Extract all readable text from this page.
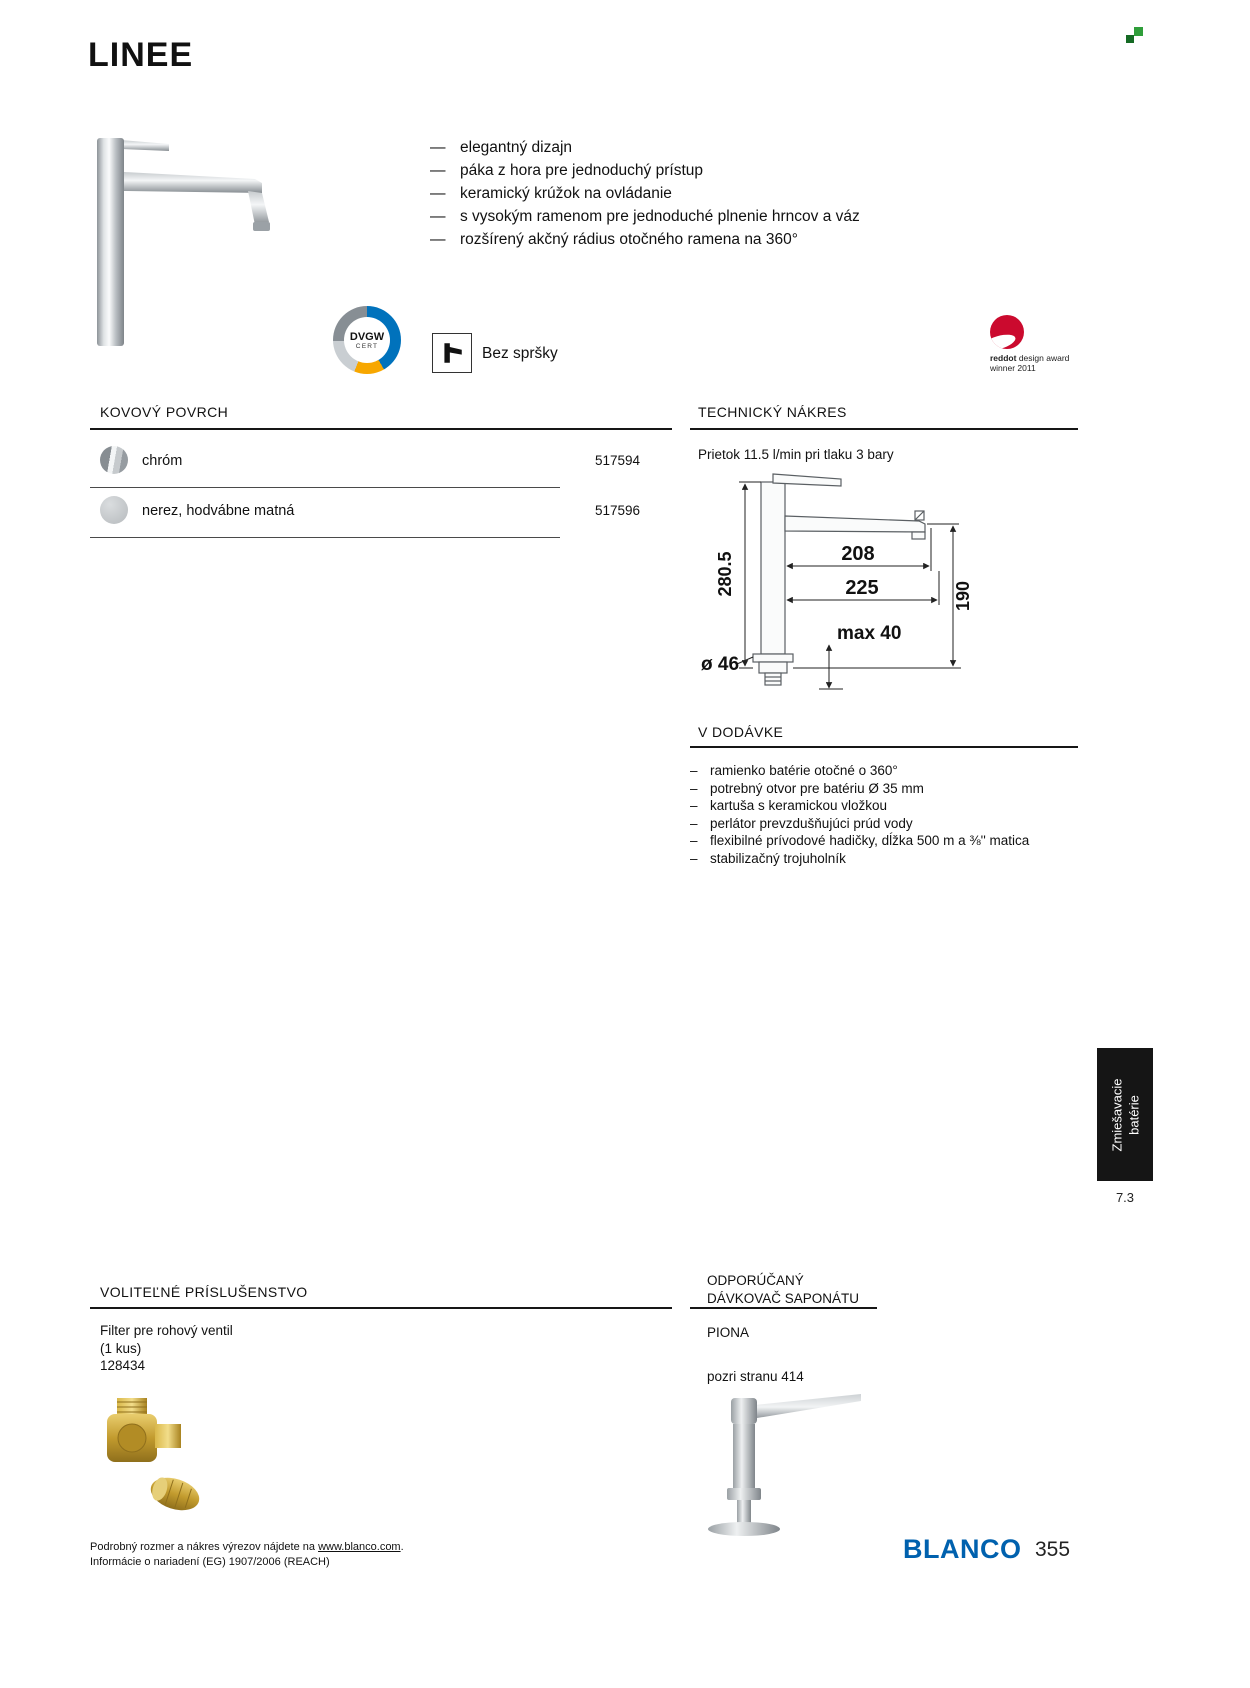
LINEE
— elegantný dizajn
— páka z hora pre jednoduchý prístup
— keramický krúžok na ovládanie
— s vysokým ramenom pre jednoduché plnenie hrncov a váz
— rozšírený akčný rádius otočného ramena na 360°
DVGW
CERT	Bez spršky	reddot design award
winner 2011
KOVOVÝ POVRCH
chróm	517594
nerez, hodvábne matná	517596
TECHNICKÝ NÁKRES
Prietok 11.5 l/min pri tlaku 3 bary
280.5	208
225	190
max 40
ø 46
V DODÁVKE
– ramienko batérie otočné o 360°
– potrebný otvor pre batériu Ø 35 mm
– kartuša s keramickou vložkou
– perlátor prevzdušňujúci prúd vody
– flexibilné prívodové hadičky, dĺžka 500 m a ⅜'' matica
– stabilizačný trojuholník
Zmiešavacie batérie
7.3
VOLITEĽNÉ PRÍSLUŠENSTVO
Filter pre rohový ventil
(1 kus)
128434
ODPORÚČANÝ
DÁVKOVAČ SAPONÁTU
PIONA
pozri stranu 414
Podrobný rozmer a nákres výrezov nájdete na www.blanco.com.
Informácie o nariadení (EG) 1907/2006 (REACH)	BLANCO 355
